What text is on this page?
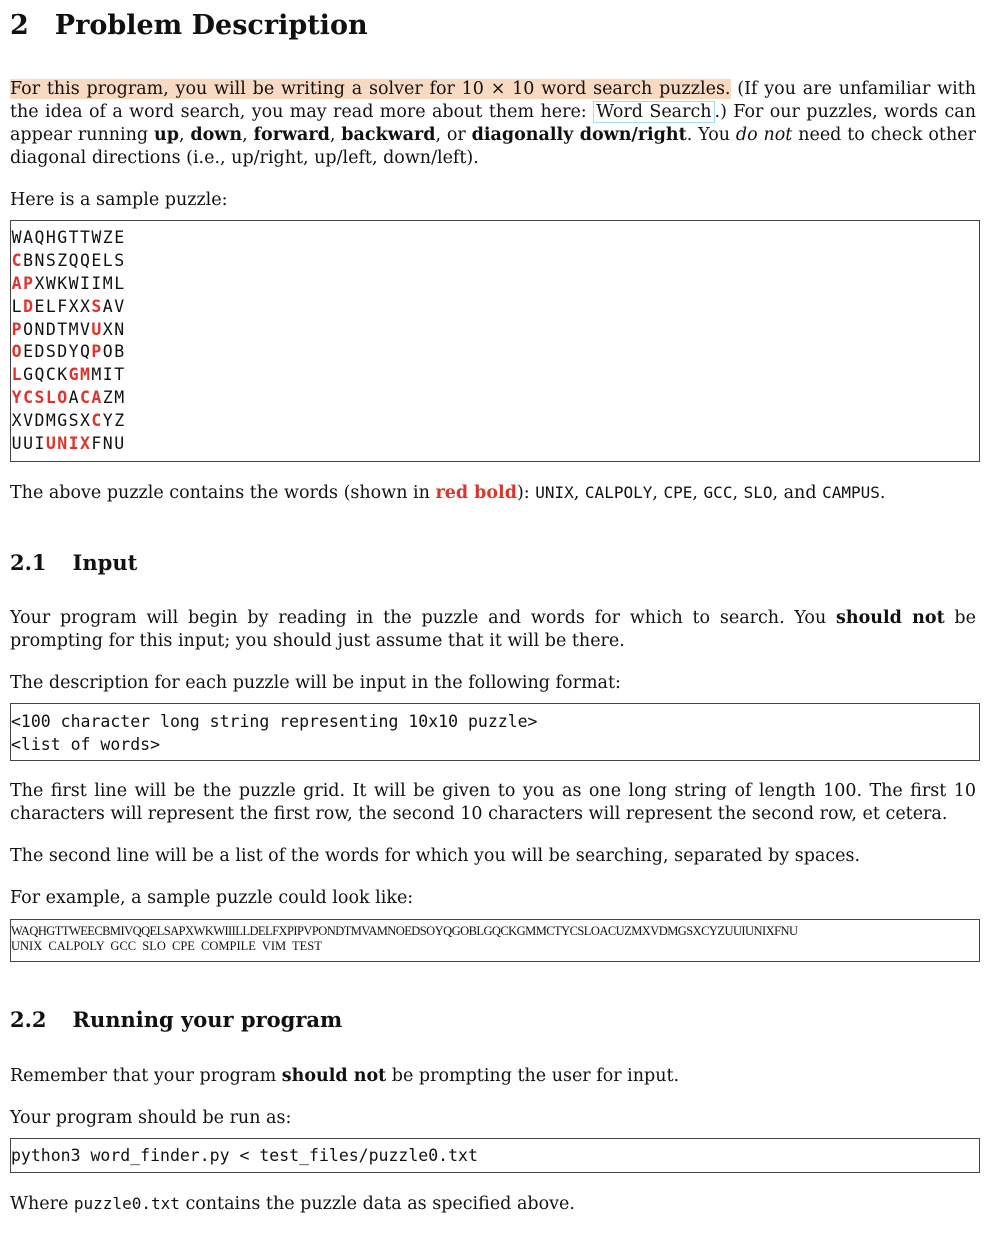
2 Problem Description

For this program, you will be writing a solver for 10 × 10 word search puzzles. (If you are unfamiliar with the idea of a word search, you may read more about them here: Word Search .) For our puzzles, words can appear running up, down, forward, backward, or diagonally down/right. You do not need to check other diagonal directions (i.e., up/right, up/left, down/left).

Here is a sample puzzle:

WAQHGTTWZE
CBNSZQQELS
APXWKWIIML
LDELFXXSAV
PONDTMVUXN
OEDSDYQPOB
LGQCKGMMIT
YCSLOACAZM
XVDMGSXCYZ
UUIUNIXFNU

The above puzzle contains the words (shown in red bold): UNIX, CALPOLY, CPE, GCC, SLO, and CAMPUS.

2.1 Input

Your program will begin by reading in the puzzle and words for which to search. You should not be prompting for this input; you should just assume that it will be there.

The description for each puzzle will be input in the following format:

<100 character long string representing 10x10 puzzle>
<list of words>

The first line will be the puzzle grid. It will be given to you as one long string of length 100. The first 10 characters will represent the first row, the second 10 characters will represent the second row, et cetera.

The second line will be a list of the words for which you will be searching, separated by spaces.

For example, a sample puzzle could look like:

WAQHGTTWEECBMIVQQELSAPXWKWIIILLDELFXPIPVPONDTMVAMNOEDSOYQGOBLGQCKGMMCTYCSLOACUZMXVDMGSXCYZUUIUNIXFNU
UNIX CALPOLY GCC SLO CPE COMPILE VIM TEST
2.2 Running your program

Remember that your program should not be prompting the user for input.

Your program should be run as:

python3 word_finder.py < test_files/puzzle0.txt

Where puzzle0.txt contains the puzzle data as specified above.
